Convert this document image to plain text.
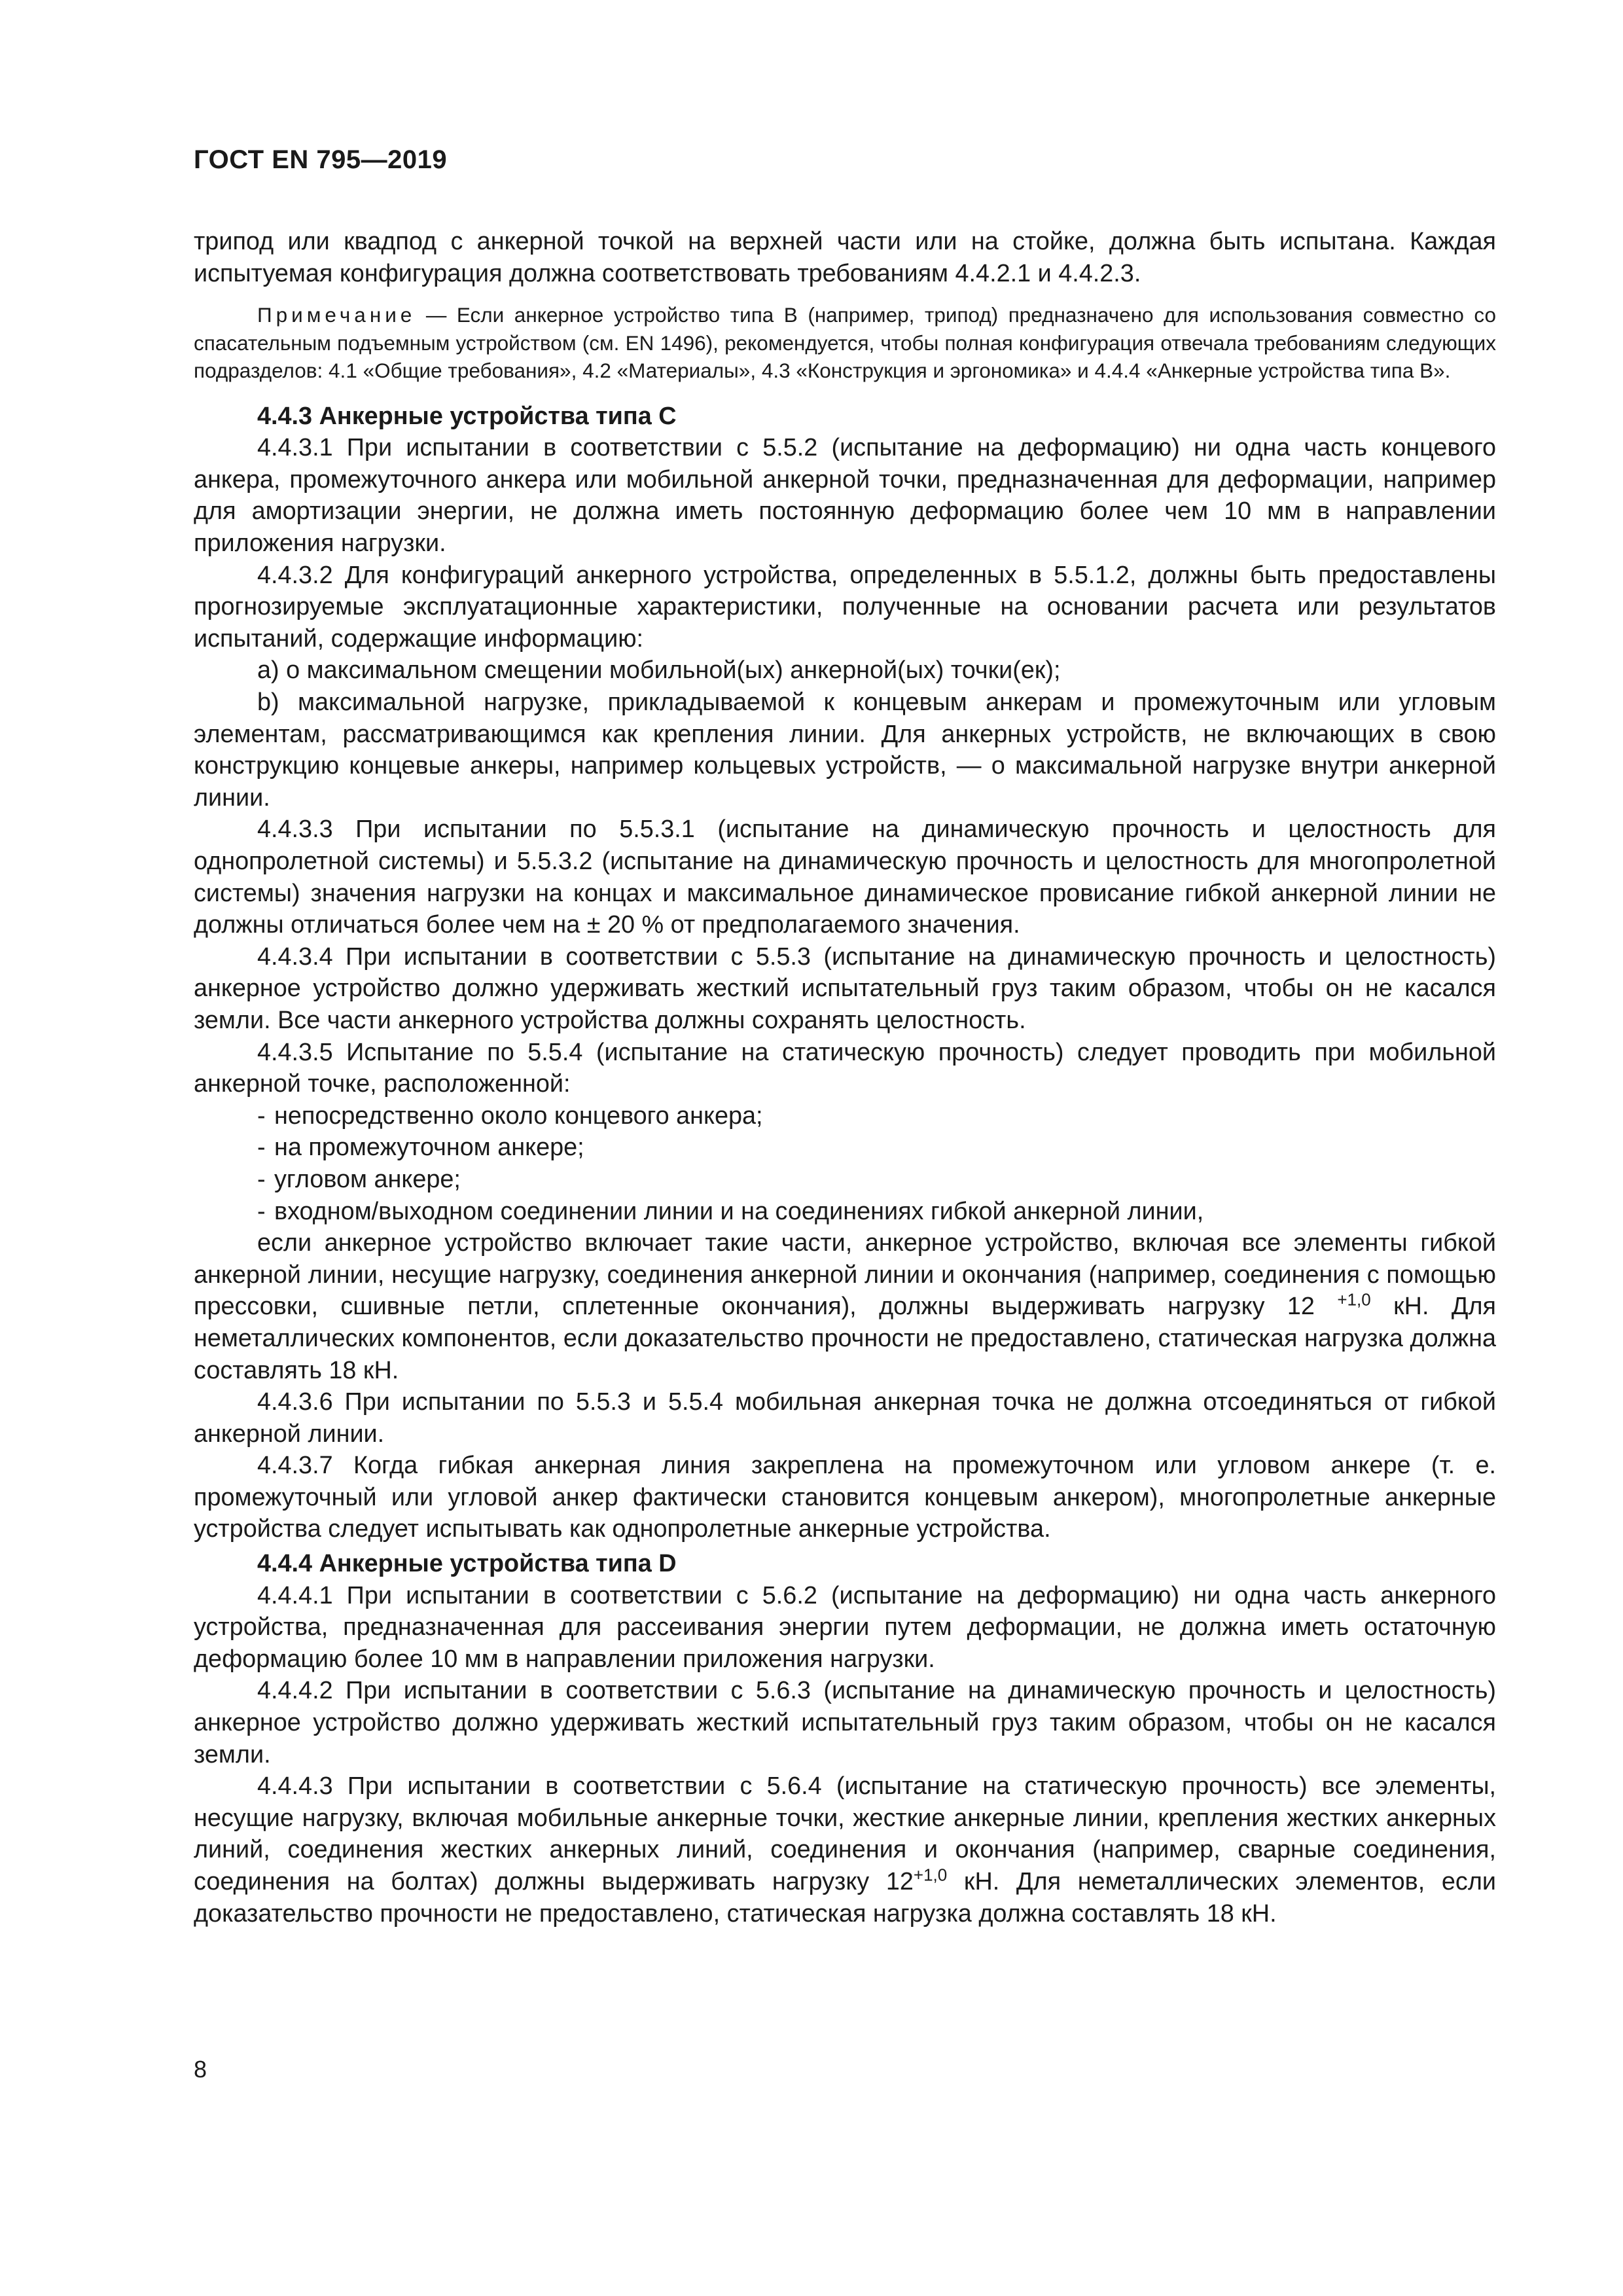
ГОСТ EN 795—2019

трипод или квадпод с анкерной точкой на верхней части или на стойке, должна быть испытана. Каждая испытуемая конфигурация должна соответствовать требованиям 4.4.2.1 и 4.4.2.3.

Примечание — Если анкерное устройство типа B (например, трипод) предназначено для использования совместно со спасательным подъемным устройством (см. EN 1496), рекомендуется, чтобы полная конфигурация отвечала требованиям следующих подразделов: 4.1 «Общие требования», 4.2 «Материалы», 4.3 «Конструкция и эргономика» и 4.4.4 «Анкерные устройства типа B».

4.4.3 Анкерные устройства типа C

4.4.3.1 При испытании в соответствии с 5.5.2 (испытание на деформацию) ни одна часть концевого анкера, промежуточного анкера или мобильной анкерной точки, предназначенная для деформации, например для амортизации энергии, не должна иметь постоянную деформацию более чем 10 мм в направлении приложения нагрузки.

4.4.3.2 Для конфигураций анкерного устройства, определенных в 5.5.1.2, должны быть предоставлены прогнозируемые эксплуатационные характеристики, полученные на основании расчета или результатов испытаний, содержащие информацию:

a) о максимальном смещении мобильной(ых) анкерной(ых) точки(ек);

b) максимальной нагрузке, прикладываемой к концевым анкерам и промежуточным или угловым элементам, рассматривающимся как крепления линии. Для анкерных устройств, не включающих в свою конструкцию концевые анкеры, например кольцевых устройств, — о максимальной нагрузке внутри анкерной линии.

4.4.3.3 При испытании по 5.5.3.1 (испытание на динамическую прочность и целостность для однопролетной системы) и 5.5.3.2 (испытание на динамическую прочность и целостность для многопролетной системы) значения нагрузки на концах и максимальное динамическое провисание гибкой анкерной линии не должны отличаться более чем на ± 20 % от предполагаемого значения.

4.4.3.4 При испытании в соответствии с 5.5.3 (испытание на динамическую прочность и целостность) анкерное устройство должно удерживать жесткий испытательный груз таким образом, чтобы он не касался земли. Все части анкерного устройства должны сохранять целостность.

4.4.3.5 Испытание по 5.5.4 (испытание на статическую прочность) следует проводить при мобильной анкерной точке, расположенной:

- непосредственно около концевого анкера;

- на промежуточном анкере;

- угловом анкере;

- входном/выходном соединении линии и на соединениях гибкой анкерной линии,

если анкерное устройство включает такие части, анкерное устройство, включая все элементы гибкой анкерной линии, несущие нагрузку, соединения анкерной линии и окончания (например, соединения с помощью прессовки, сшивные петли, сплетенные окончания), должны выдерживать нагрузку 12 $^{+1,0}$ кН. Для неметаллических компонентов, если доказательство прочности не предоставлено, статическая нагрузка должна составлять 18 кН.

4.4.3.6 При испытании по 5.5.3 и 5.5.4 мобильная анкерная точка не должна отсоединяться от гибкой анкерной линии.

4.4.3.7 Когда гибкая анкерная линия закреплена на промежуточном или угловом анкере (т. е. промежуточный или угловой анкер фактически становится концевым анкером), многопролетные анкерные устройства следует испытывать как однопролетные анкерные устройства.

4.4.4 Анкерные устройства типа D

4.4.4.1 При испытании в соответствии с 5.6.2 (испытание на деформацию) ни одна часть анкерного устройства, предназначенная для рассеивания энергии путем деформации, не должна иметь остаточную деформацию более 10 мм в направлении приложения нагрузки.

4.4.4.2 При испытании в соответствии с 5.6.3 (испытание на динамическую прочность и целостность) анкерное устройство должно удерживать жесткий испытательный груз таким образом, чтобы он не касался земли.

4.4.4.3 При испытании в соответствии с 5.6.4 (испытание на статическую прочность) все элементы, несущие нагрузку, включая мобильные анкерные точки, жесткие анкерные линии, крепления жестких анкерных линий, соединения жестких анкерных линий, соединения и окончания (например, сварные соединения, соединения на болтах) должны выдерживать нагрузку $12^{+1,0}$ кН. Для неметаллических элементов, если доказательство прочности не предоставлено, статическая нагрузка должна составлять 18 кН.

8
